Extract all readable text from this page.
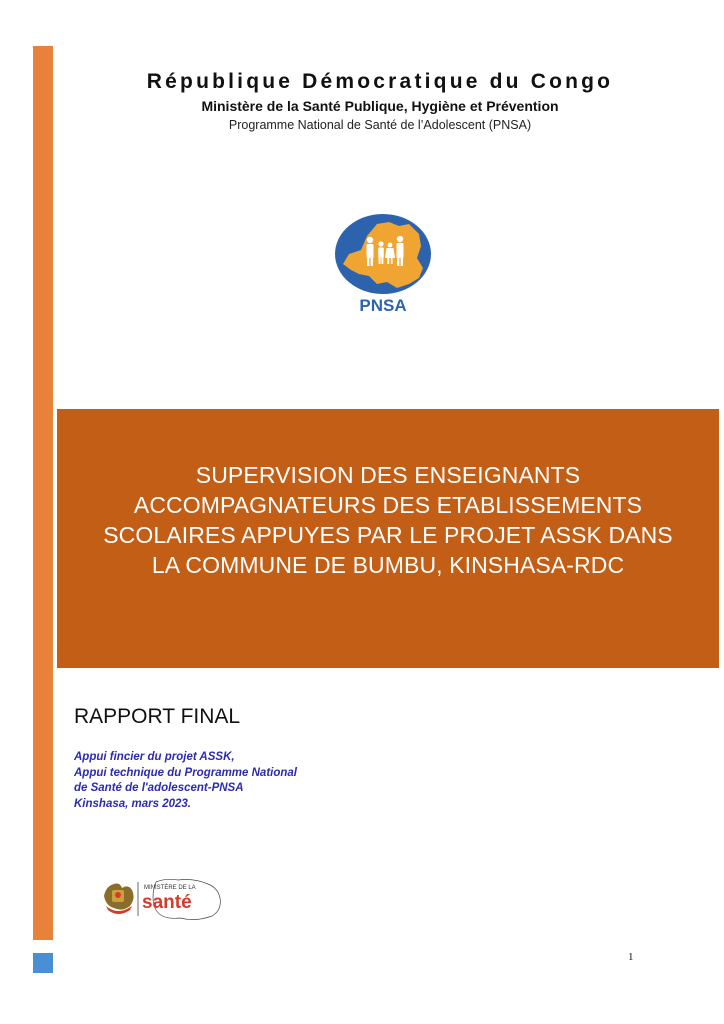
République Démocratique du Congo
Ministère de la Santé Publique, Hygiène et Prévention
Programme National de Santé de l’Adolescent (PNSA)
PNSA
SUPERVISION DES ENSEIGNANTS
ACCOMPAGNATEURS DES ETABLISSEMENTS
SCOLAIRES APPUYES PAR LE PROJET ASSK DANS
LA COMMUNE DE BUMBU, KINSHASA-RDC
RAPPORT FINAL
Appui fincier du projet ASSK,
Appui technique du Programme National
de Santé de l'adolescent-PNSA
Kinshasa, mars 2023.
MINISTÈRE DE LA
santé
1
